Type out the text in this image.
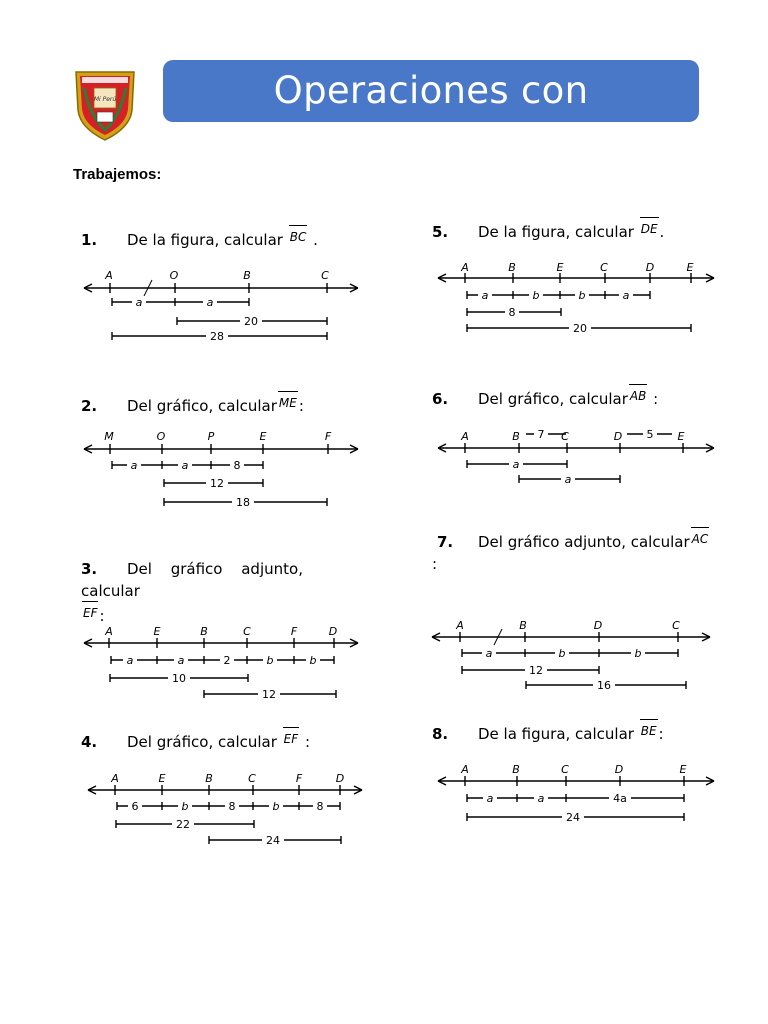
Mi Perú	Operaciones con Segmentos
Trabajemos:
1. De la figura, calcular BC .
2. Del gráfico, calcular ME :
3. Del gráfico adjunto, calcular
EF :
4. Del gráfico, calcular EF :
5. De la figura, calcular DE .
6. Del gráfico, calcular AB :
7. Del gráfico adjunto, calcular AC
:
8. De la figura, calcular BE :
A	O	B	C
a	a
20
28
M	O	P	E	F
a	a	8
12
18
A	E	B	C	F	D
a	a	2	b	b
10
12
A	E	B	C	F	D
6	b	8	b	8
22
24
A	B	E	C	D	E
a	b	b	a
8
20
A	B	C	D	E
7	5
a
a
A	B	D	C
a	b	b
12
16
A	B	C	D	E
a	a	4a
24
